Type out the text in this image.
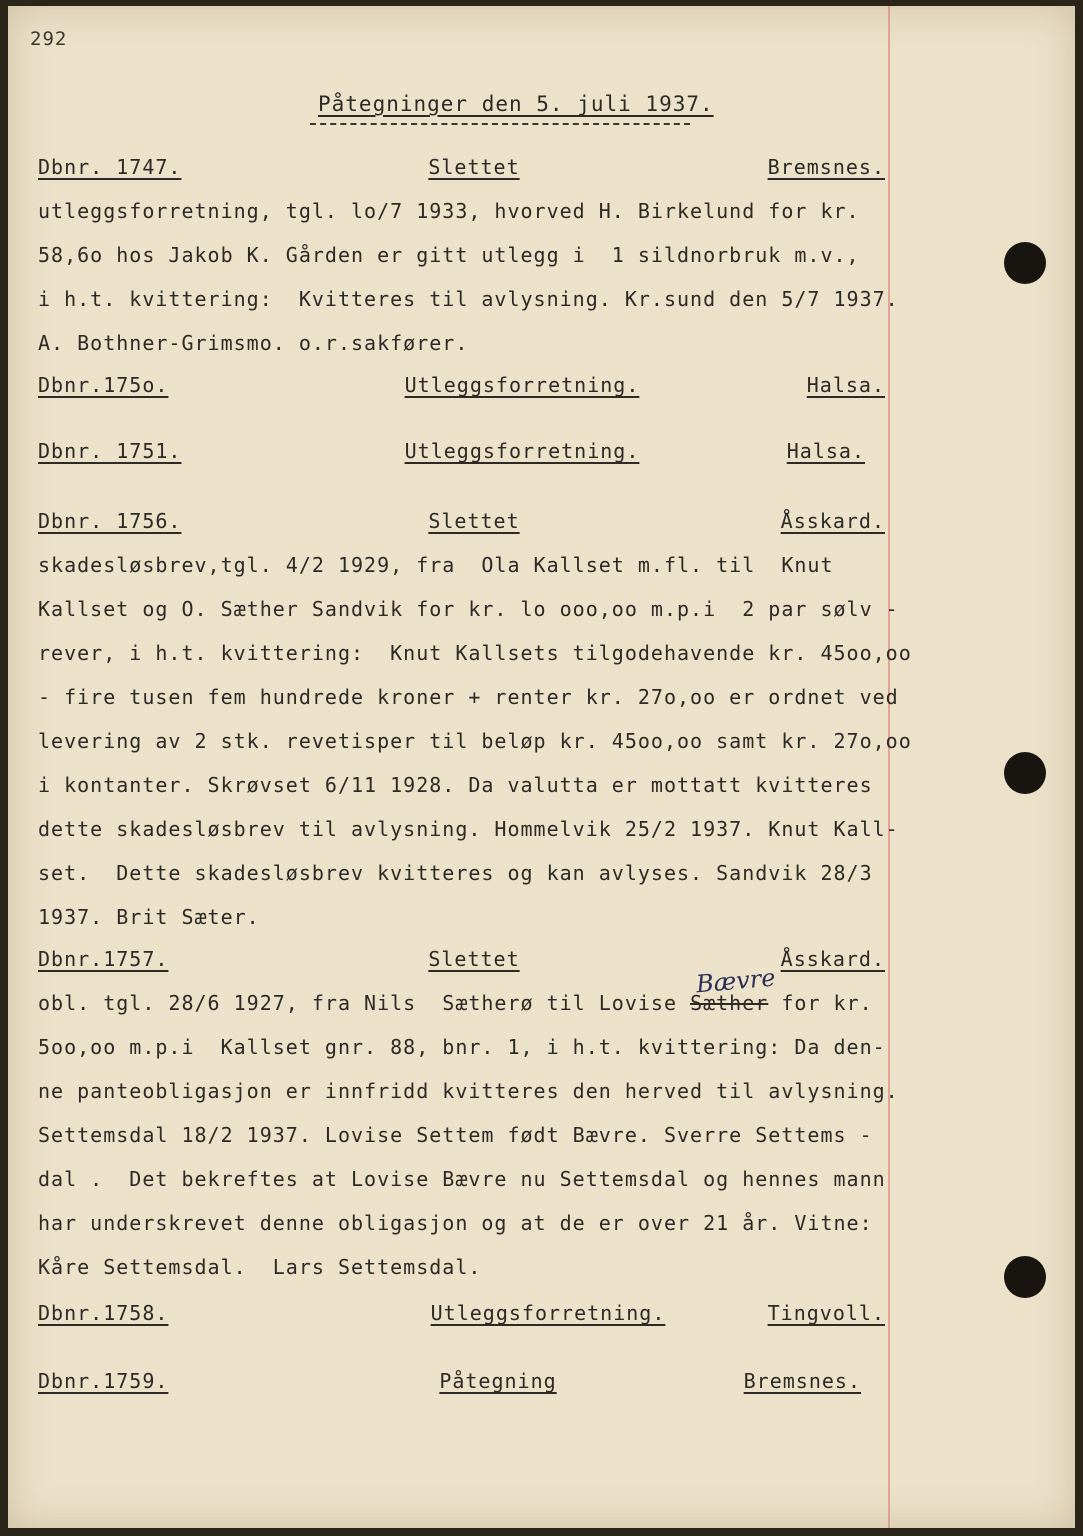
292
Påtegninger den 5. juli 1937.
Dbnr. 1747.	Slettet	Bremsnes.
utleggsforretning, tgl. lo/7 1933, hvorved H. Birkelund for kr.
58,6o hos Jakob K. Gården er gitt utlegg i  1 sildnorbruk m.v.,
i h.t. kvittering:  Kvitteres til avlysning. Kr.sund den 5/7 1937.
A. Bothner-Grimsmo. o.r.sakfører.
Dbnr.175o.	Utleggsforretning.	Halsa.
Dbnr. 1751.	Utleggsforretning.	Halsa.
Dbnr. 1756.	Slettet	Åsskard.
skadesløsbrev,tgl. 4/2 1929, fra  Ola Kallset m.fl. til  Knut
Kallset og O. Sæther Sandvik for kr. lo ooo,oo m.p.i  2 par sølv -
rever, i h.t. kvittering:  Knut Kallsets tilgodehavende kr. 45oo,oo
- fire tusen fem hundrede kroner + renter kr. 27o,oo er ordnet ved
levering av 2 stk. revetisper til beløp kr. 45oo,oo samt kr. 27o,oo
i kontanter. Skrøvset 6/11 1928. Da valutta er mottatt kvitteres
dette skadesløsbrev til avlysning. Hommelvik 25/2 1937. Knut Kall-
set.  Dette skadesløsbrev kvitteres og kan avlyses. Sandvik 28/3
1937. Brit Sæter.
Dbnr.1757.	Slettet	Åsskard.
Bævre
obl. tgl. 28/6 1927, fra Nils  Sætherø til Lovise Sæther for kr.
5oo,oo m.p.i  Kallset gnr. 88, bnr. 1, i h.t. kvittering: Da den-
ne panteobligasjon er innfridd kvitteres den herved til avlysning.
Settemsdal 18/2 1937. Lovise Settem født Bævre. Sverre Settems -
dal .  Det bekreftes at Lovise Bævre nu Settemsdal og hennes mann
har underskrevet denne obligasjon og at de er over 21 år. Vitne:
Kåre Settemsdal.  Lars Settemsdal.
Dbnr.1758.	Utleggsforretning.	Tingvoll.
Dbnr.1759.	Påtegning	Bremsnes.
